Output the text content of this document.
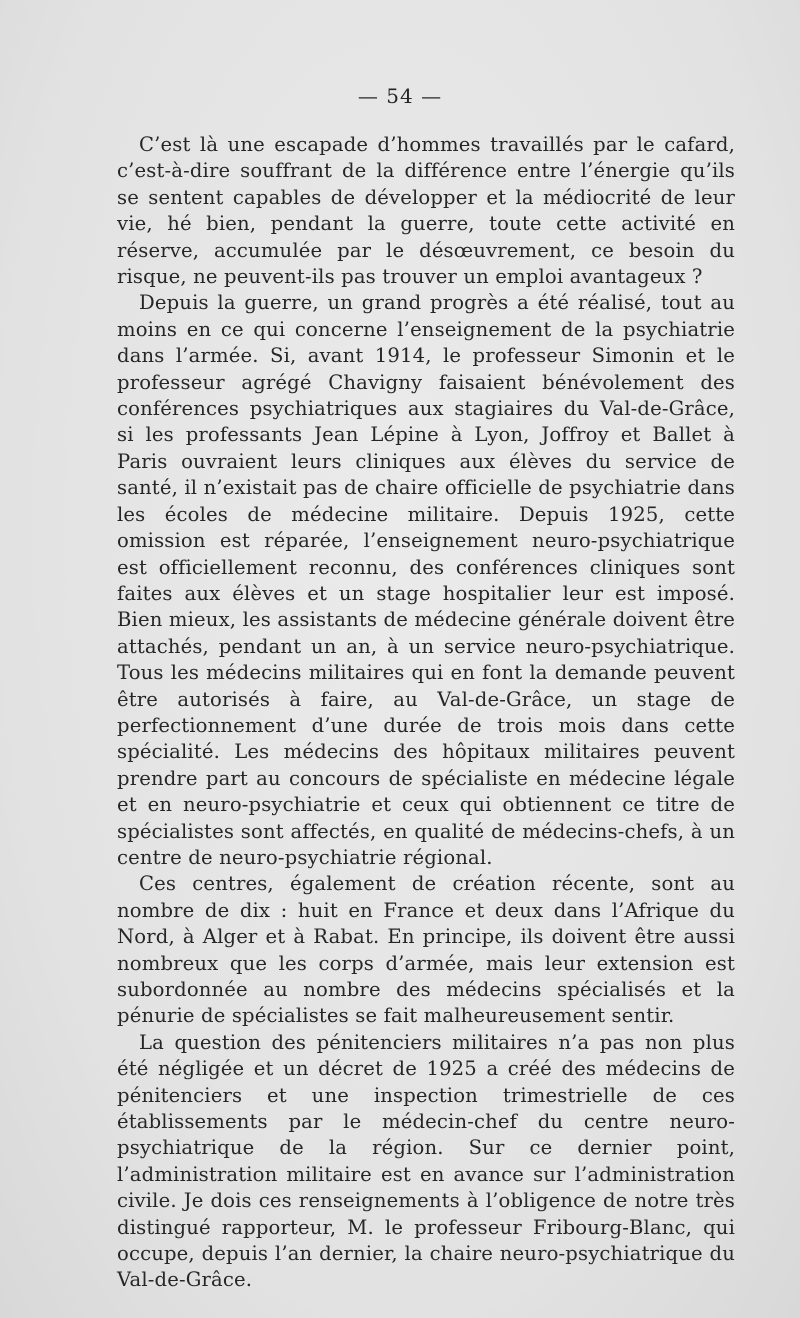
— 54 —

C’est là une escapade d’hommes travaillés par le cafard, c’est-à-dire souffrant de la différence entre l’énergie qu’ils se sentent capables de développer et la médiocrité de leur vie, hé bien, pendant la guerre, toute cette activité en réserve, accumulée par le désœuvrement, ce besoin du risque, ne peuvent-ils pas trouver un emploi avantageux ?

Depuis la guerre, un grand progrès a été réalisé, tout au moins en ce qui concerne l’enseignement de la psychiatrie dans l’armée. Si, avant 1914, le professeur Simonin et le professeur agrégé Chavigny faisaient bénévolement des conférences psychiatriques aux stagiaires du Val-de-Grâce, si les professants Jean Lépine à Lyon, Joffroy et Ballet à Paris ouvraient leurs cliniques aux élèves du service de santé, il n’existait pas de chaire officielle de psychiatrie dans les écoles de médecine militaire. Depuis 1925, cette omission est réparée, l’enseignement neuro-psychiatrique est officiellement reconnu, des conférences cliniques sont faites aux élèves et un stage hospitalier leur est imposé. Bien mieux, les assistants de médecine générale doivent être attachés, pendant un an, à un service neuro-psychiatrique. Tous les médecins militaires qui en font la demande peuvent être autorisés à faire, au Val-de-Grâce, un stage de perfectionnement d’une durée de trois mois dans cette spécialité. Les médecins des hôpitaux militaires peuvent prendre part au concours de spécialiste en médecine légale et en neuro-psychiatrie et ceux qui obtiennent ce titre de spécialistes sont affectés, en qualité de médecins-chefs, à un centre de neuro-psychiatrie régional.

Ces centres, également de création récente, sont au nombre de dix : huit en France et deux dans l’Afrique du Nord, à Alger et à Rabat. En principe, ils doivent être aussi nombreux que les corps d’armée, mais leur extension est subordonnée au nombre des médecins spécialisés et la pénurie de spécialistes se fait malheureusement sentir.

La question des pénitenciers militaires n’a pas non plus été négligée et un décret de 1925 a créé des médecins de pénitenciers et une inspection trimestrielle de ces établissements par le médecin-chef du centre neuro-psychiatrique de la région. Sur ce dernier point, l’administration militaire est en avance sur l’administration civile. Je dois ces renseignements à l’obligence de notre très distingué rapporteur, M. le professeur Fribourg-Blanc, qui occupe, depuis l’an dernier, la chaire neuro-psychiatrique du Val-de-Grâce.
